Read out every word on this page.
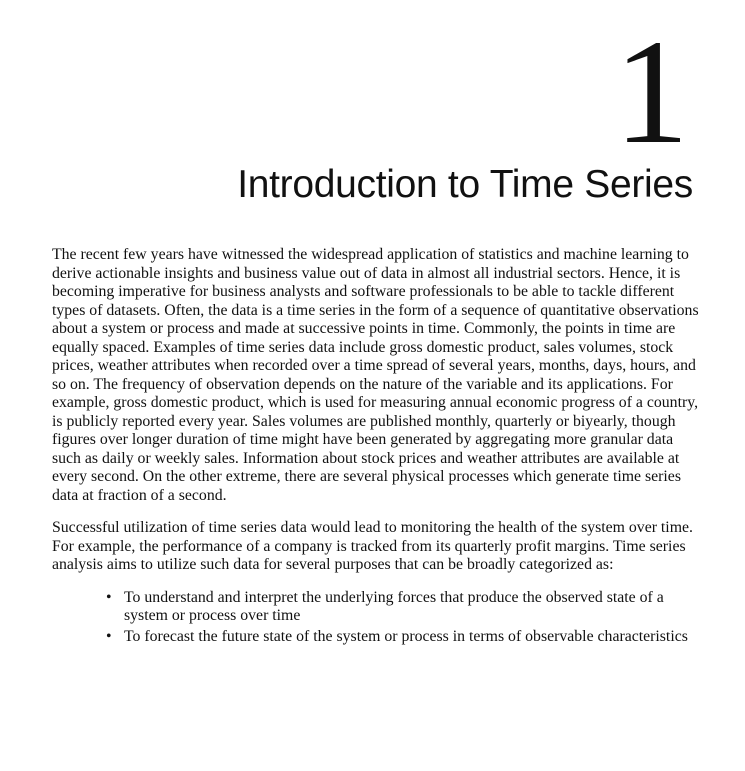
1
Introduction to Time Series

The recent few years have witnessed the widespread application of statistics and machine learning to derive actionable insights and business value out of data in almost all industrial sectors. Hence, it is becoming imperative for business analysts and software professionals to be able to tackle different types of datasets. Often, the data is a time series in the form of a sequence of quantitative observations about a system or process and made at successive points in time. Commonly, the points in time are equally spaced. Examples of time series data include gross domestic product, sales volumes, stock prices, weather attributes when recorded over a time spread of several years, months, days, hours, and so on. The frequency of observation depends on the nature of the variable and its applications. For example, gross domestic product, which is used for measuring annual economic progress of a country, is publicly reported every year. Sales volumes are published monthly, quarterly or biyearly, though figures over longer duration of time might have been generated by aggregating more granular data such as daily or weekly sales. Information about stock prices and weather attributes are available at every second. On the other extreme, there are several physical processes which generate time series data at fraction of a second.

Successful utilization of time series data would lead to monitoring the health of the system over time. For example, the performance of a company is tracked from its quarterly profit margins. Time series analysis aims to utilize such data for several purposes that can be broadly categorized as:

• To understand and interpret the underlying forces that produce the observed state of a system or process over time
• To forecast the future state of the system or process in terms of observable characteristics
